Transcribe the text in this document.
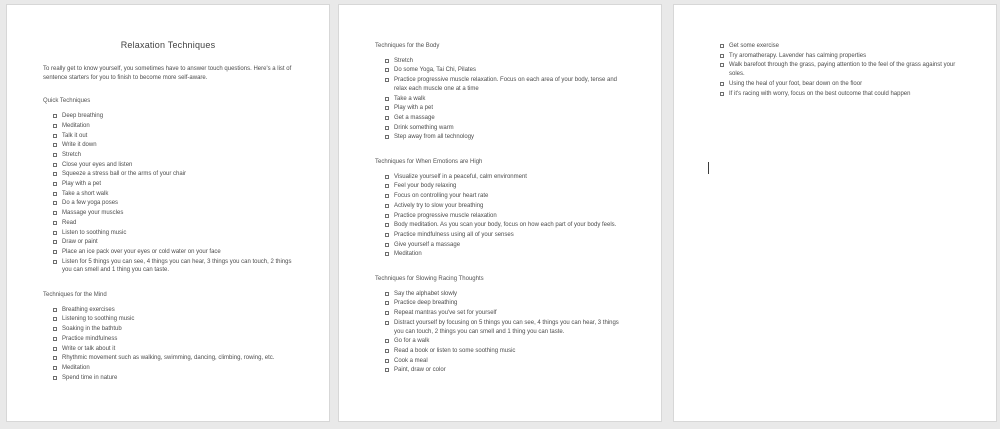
Relaxation Techniques
To really get to know yourself, you sometimes have to answer touch questions. Here's a list of sentence starters for you to finish to become more self-aware.
Quick Techniques
Deep breathing
Meditation
Talk it out
Write it down
Stretch
Close your eyes and listen
Squeeze a stress ball or the arms of your chair
Play with a pet
Take a short walk
Do a few yoga poses
Massage your muscles
Read
Listen to soothing music
Draw or paint
Place an ice pack over your eyes or cold water on your face
Listen for 5 things you can see, 4 things you can hear, 3 things you can touch, 2 things you can smell and 1 thing you can taste.
Techniques for the Mind
Breathing exercises
Listening to soothing music
Soaking in the bathtub
Practice mindfulness
Write or talk about it
Rhythmic movement such as walking, swimming, dancing, climbing, rowing, etc.
Meditation
Spend time in nature
Techniques for the Body
Stretch
Do some Yoga, Tai Chi, Pilates
Practice progressive muscle relaxation. Focus on each area of your body, tense and relax each muscle one at a time
Take a walk
Play with a pet
Get a massage
Drink something warm
Step away from all technology
Techniques for When Emotions are High
Visualize yourself in a peaceful, calm environment
Feel your body relaxing
Focus on controlling your heart rate
Actively try to slow your breathing
Practice progressive muscle relaxation
Body meditation. As you scan your body, focus on how each part of your body feels.
Practice mindfulness using all of your senses
Give yourself a massage
Meditation
Techniques for Slowing Racing Thoughts
Say the alphabet slowly
Practice deep breathing
Repeat mantras you've set for yourself
Distract yourself by focusing on 5 things you can see, 4 things you can hear, 3 things you can touch, 2 things you can smell and 1 thing you can taste.
Go for a walk
Read a book or listen to some soothing music
Cook a meal
Paint, draw or color
Get some exercise
Try aromatherapy. Lavender has calming properties
Walk barefoot through the grass, paying attention to the feel of the grass against your soles.
Using the heal of your foot, bear down on the floor
If it's racing with worry, focus on the best outcome that could happen
